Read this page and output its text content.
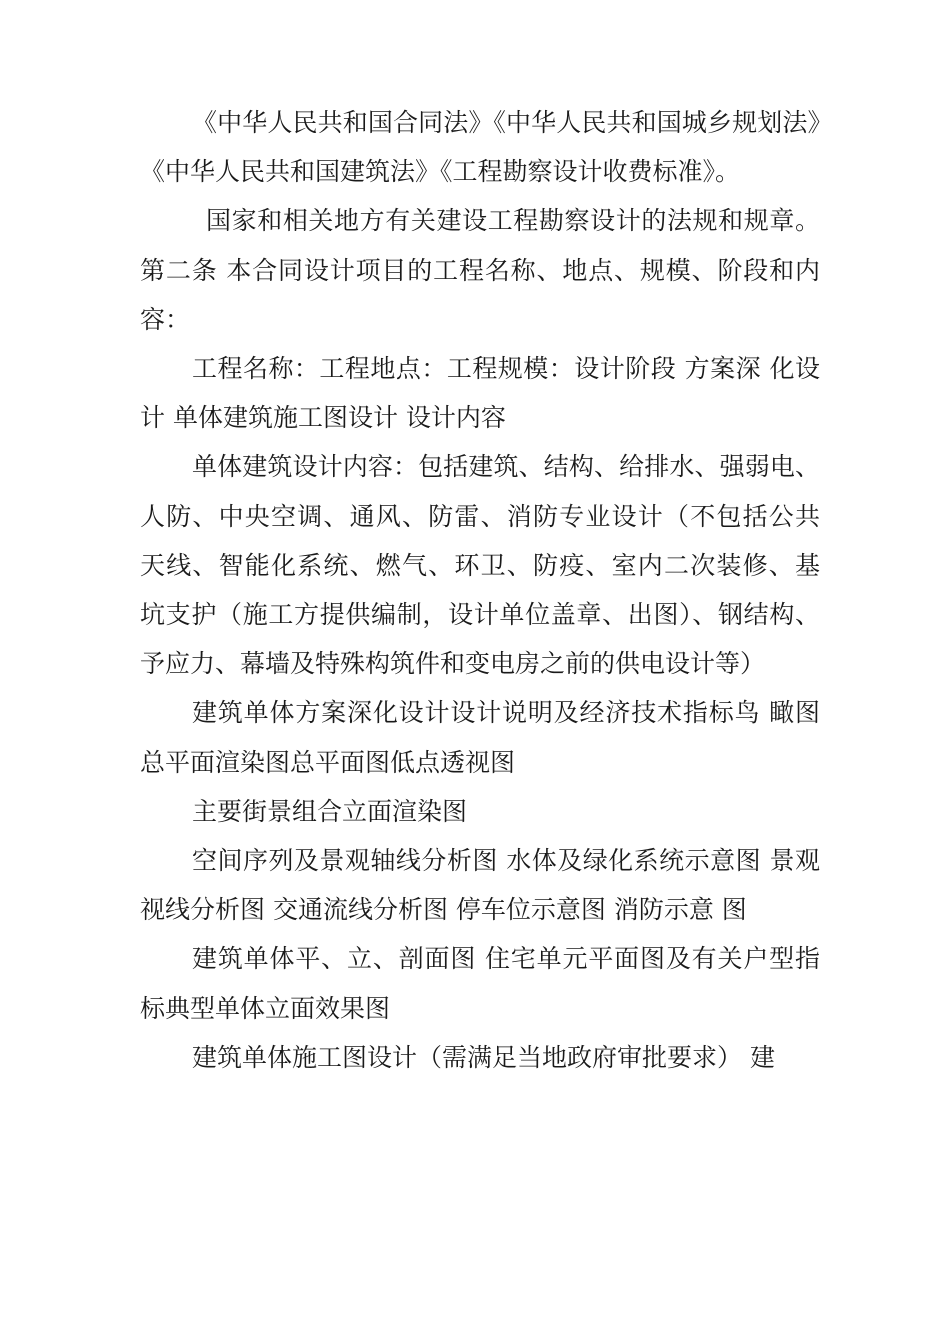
《中华人民共和国合同法》《中华人民共和国城乡规划法》《中华人民共和国建筑法》《工程勘察设计收费标准》。

国家和相关地方有关建设工程勘察设计的法规和规章。第二条 本合同设计项目的工程名称、地点、规模、阶段和内容：

工程名称：工程地点：工程规模：设计阶段 方案深 化设计 单体建筑施工图设计 设计内容

单体建筑设计内容：包括建筑、结构、给排水、强弱电、 人防、中央空调、通风、防雷、消防专业设计（不包括公共 天线、智能化系统、燃气、环卫、防疫、室内二次装修、基 坑支护（施工方提供编制，设计单位盖章、出图）、钢结构、 予应力、幕墙及特殊构筑件和变电房之前的供电设计等）

建筑单体方案深化设计设计说明及经济技术指标鸟 瞰图总平面渲染图总平面图低点透视图

主要街景组合立面渲染图

空间序列及景观轴线分析图 水体及绿化系统示意图 景观视线分析图 交通流线分析图 停车位示意图 消防示意 图

建筑单体平、立、剖面图 住宅单元平面图及有关户型指标典型单体立面效果图

建筑单体施工图设计（需满足当地政府审批要求） 建
